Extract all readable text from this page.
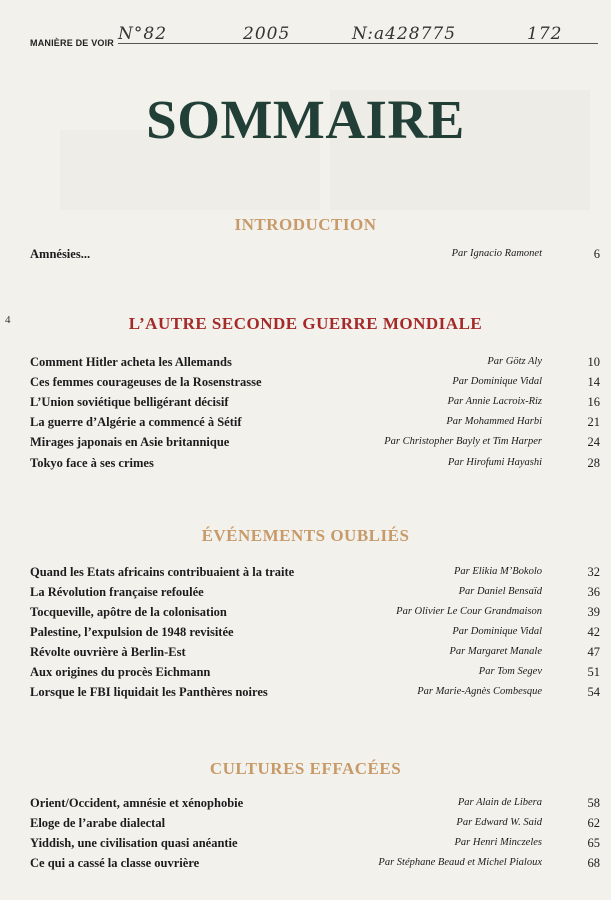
MANIÈRE DE VOIR N°82	2005	N:a428775	172
SOMMAIRE
4
INTRODUCTION
Amnésies...	Par Ignacio Ramonet	6
L’AUTRE SECONDE GUERRE MONDIALE
Comment Hitler acheta les Allemands	Par Götz Aly	10
Ces femmes courageuses de la Rosenstrasse	Par Dominique Vidal	14
L’Union soviétique belligérant décisif	Par Annie Lacroix-Riz	16
La guerre d’Algérie a commencé à Sétif	Par Mohammed Harbi	21
Mirages japonais en Asie britannique	Par Christopher Bayly et Tim Harper	24
Tokyo face à ses crimes	Par Hirofumi Hayashi	28
ÉVÉNEMENTS OUBLIÉS
Quand les Etats africains contribuaient à la traite	Par Elikia M’Bokolo	32
La Révolution française refoulée	Par Daniel Bensaïd	36
Tocqueville, apôtre de la colonisation	Par Olivier Le Cour Grandmaison	39
Palestine, l’expulsion de 1948 revisitée	Par Dominique Vidal	42
Révolte ouvrière à Berlin-Est	Par Margaret Manale	47
Aux origines du procès Eichmann	Par Tom Segev	51
Lorsque le FBI liquidait les Panthères noires	Par Marie-Agnès Combesque	54
CULTURES EFFACÉES
Orient/Occident, amnésie et xénophobie	Par Alain de Libera	58
Eloge de l’arabe dialectal	Par Edward W. Said	62
Yiddish, une civilisation quasi anéantie	Par Henri Minczeles	65
Ce qui a cassé la classe ouvrière	Par Stéphane Beaud et Michel Pialoux	68
